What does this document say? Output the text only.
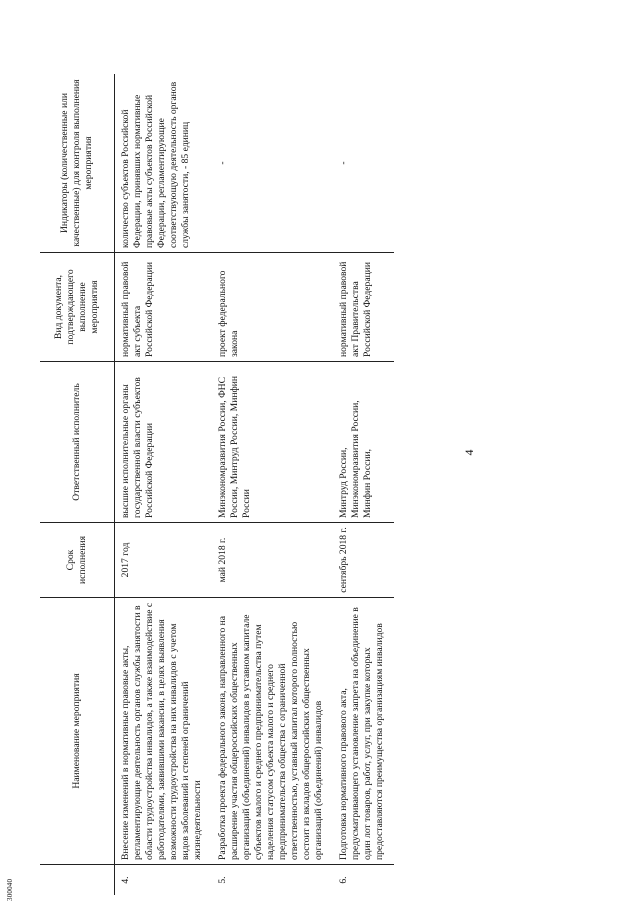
4
	Наименование мероприятия	Срок исполнения	Ответственный исполнитель	Вид документа, подтверждающего выполнение мероприятия	Индикаторы (количественные или качественные) для контроля выполнения мероприятия
4.	Внесение изменений в нормативные правовые акты, регламентирующие деятельность органов службы занятости в области трудоустройства инвалидов, а также взаимодействие с работодателями, заявившими вакансии, в целях выявления возможности трудоустройства на них инвалидов с учетом видов заболеваний и степеней ограничений жизнедеятельности	2017 год	высшие исполнительные органы государственной власти субъектов Российской Федерации	нормативный правовой акт субъекта Российской Федерации	количество субъектов Российской Федерации, принявших нормативные правовые акты субъектов Российской Федерации, регламентирующие соответствующую деятельность органов службы занятости, - 85 единиц
5.	Разработка проекта федерального закона, направленного на расширение участия общероссийских общественных организаций (объединений) инвалидов в уставном капитале субъектов малого и среднего предпринимательства путем наделения статусом субъекта малого и среднего предпринимательства общества с ограниченной ответственностью, уставный капитал которого полностью состоит из вкладов общероссийских общественных организаций (объединений) инвалидов	май 2018 г.	Минэкономразвития России, ФНС России, Минтруд России, Минфин России	проект федерального закона	-
6.	Подготовка нормативного правового акта, предусматривающего установление запрета на объединение в один лот товаров, работ, услуг, при закупке которых предоставляются преимущества организациям инвалидов	сентябрь 2018 г.	Минтруд России, Минэкономразвития России, Минфин России,	нормативный правовой акт Правительства Российской Федерации	-
300040
